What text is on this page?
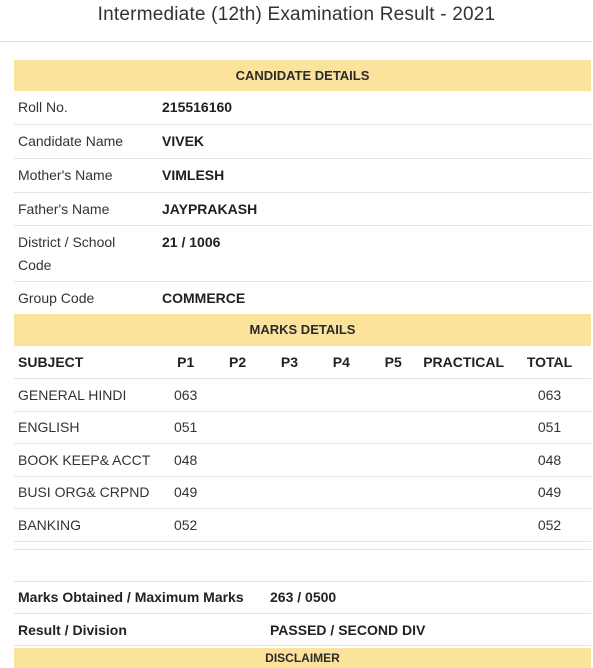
Intermediate (12th) Examination Result - 2021
CANDIDATE DETAILS
Roll No.	215516160
Candidate Name	VIVEK
Mother's Name	VIMLESH
Father's Name	JAYPRAKASH
District / School Code	21 / 1006
Group Code	COMMERCE
MARKS DETAILS
SUBJECT	P1	P2	P3	P4	P5	PRACTICAL	TOTAL
GENERAL HINDI	063						063
ENGLISH	051						051
BOOK KEEP& ACCT	048						048
BUSI ORG& CRPND	049						049
BANKING	052						052
Marks Obtained / Maximum Marks	263 / 0500
Result / Division	PASSED / SECOND DIV
DISCLAIMER
